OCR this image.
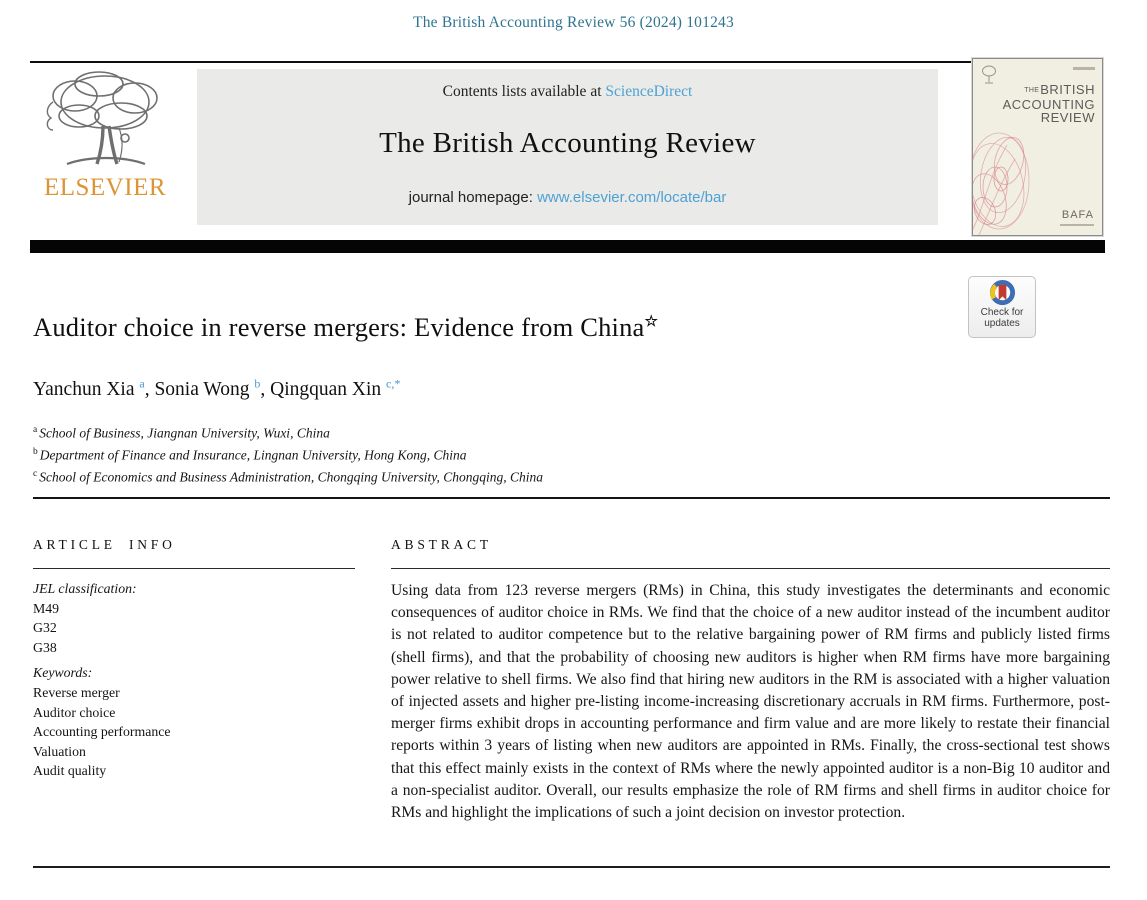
The British Accounting Review 56 (2024) 101243
ELSEVIER
Contents lists available at ScienceDirect
The British Accounting Review
journal homepage: www.elsevier.com/locate/bar
THEBRITISH
ACCOUNTING
REVIEW
BAFA
Check for
updates
Auditor choice in reverse mergers: Evidence from China☆
Yanchun Xia $^a$, Sonia Wong $^b$, Qingquan Xin $^{c,*}$
$^a$ School of Business, Jiangnan University, Wuxi, China
$^b$ Department of Finance and Insurance, Lingnan University, Hong Kong, China
$^c$ School of Economics and Business Administration, Chongqing University, Chongqing, China
ARTICLE INFO	ABSTRACT
JEL classification:
M49
G32
G38
Keywords:
Reverse merger
Auditor choice
Accounting performance
Valuation
Audit quality
Using data from 123 reverse mergers (RMs) in China, this study investigates the determinants and economic consequences of auditor choice in RMs. We find that the choice of a new auditor instead of the incumbent auditor is not related to auditor competence but to the relative bargaining power of RM firms and publicly listed firms (shell firms), and that the probability of choosing new auditors is higher when RM firms have more bargaining power relative to shell firms. We also find that hiring new auditors in the RM is associated with a higher valuation of injected assets and higher pre-listing income-increasing discretionary accruals in RM firms. Furthermore, post-merger firms exhibit drops in accounting performance and firm value and are more likely to restate their financial reports within 3 years of listing when new auditors are appointed in RMs. Finally, the cross-sectional test shows that this effect mainly exists in the context of RMs where the newly appointed auditor is a non-Big 10 auditor and a non-specialist auditor. Overall, our results emphasize the role of RM firms and shell firms in auditor choice for RMs and highlight the implications of such a joint decision on investor protection.
